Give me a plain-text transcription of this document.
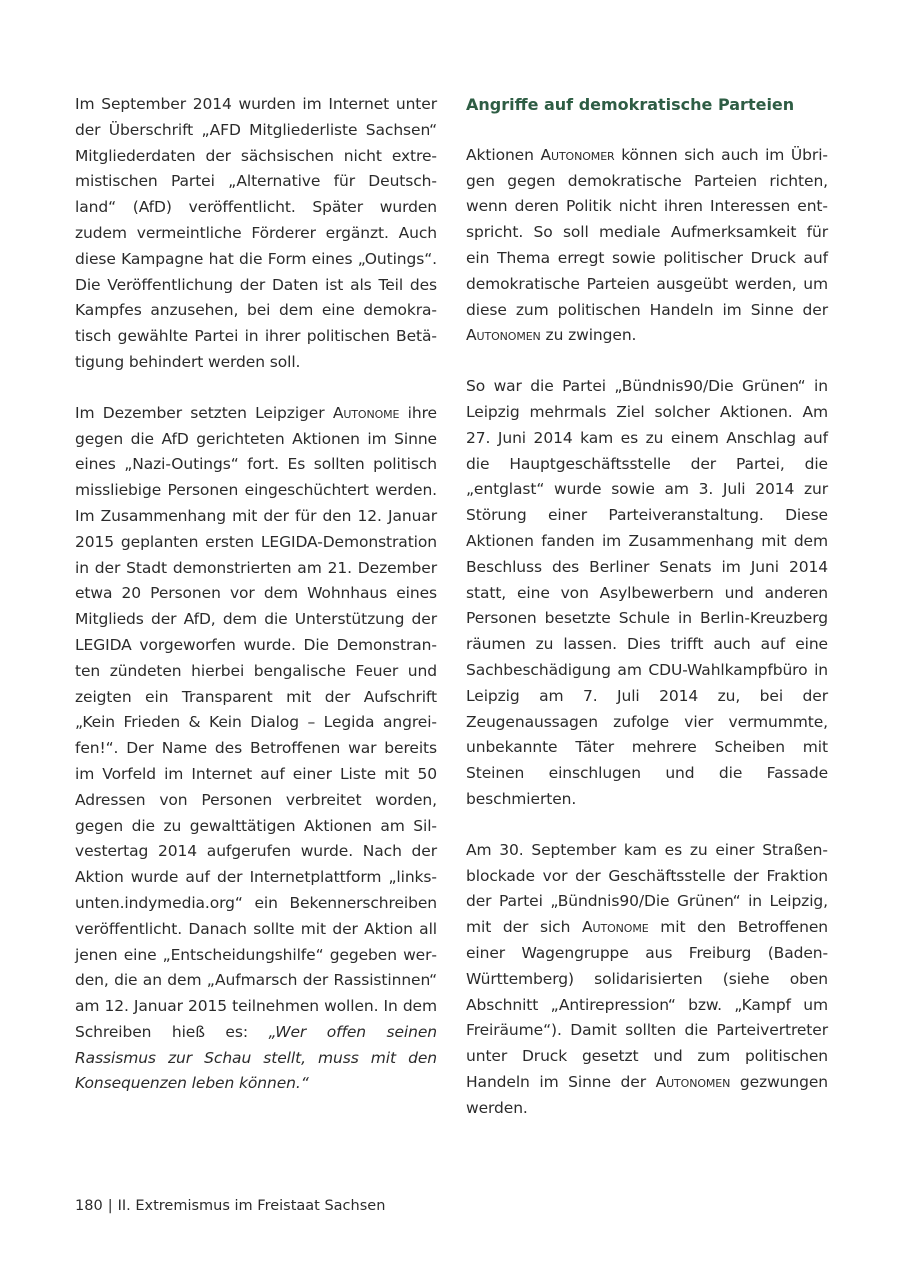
Im September 2014 wurden im Internet unter der Überschrift „AFD Mitgliederliste Sachsen“ Mitgliederdaten der sächsischen nicht extremistischen Partei „Alternative für Deutschland“ (AfD) veröffentlicht. Später wurden zudem vermeintliche Förderer ergänzt. Auch diese Kampagne hat die Form eines „Outings“. Die Veröffentlichung der Daten ist als Teil des Kampfes anzusehen, bei dem eine demokratisch gewählte Partei in ihrer politischen Betätigung behindert werden soll.

Im Dezember setzten Leipziger Autonome ihre gegen die AfD gerichteten Aktionen im Sinne eines „Nazi-Outings“ fort. Es sollten politisch missliebige Personen eingeschüchtert werden. Im Zusammenhang mit der für den 12. Januar 2015 geplanten ersten LEGIDA-Demonstration in der Stadt demonstrierten am 21. Dezember etwa 20 Personen vor dem Wohnhaus eines Mitglieds der AfD, dem die Unterstützung der LEGIDA vorgeworfen wurde. Die Demonstranten zündeten hierbei bengalische Feuer und zeigten ein Transparent mit der Aufschrift „Kein Frieden & Kein Dialog – Legida angreifen!“. Der Name des Betroffenen war bereits im Vorfeld im Internet auf einer Liste mit 50 Adressen von Personen verbreitet worden, gegen die zu gewalttätigen Aktionen am Silvestertag 2014 aufgerufen wurde. Nach der Aktion wurde auf der Internetplattform „linksunten.indymedia.org“ ein Bekennerschreiben veröffentlicht. Danach sollte mit der Aktion all jenen eine „Entscheidungshilfe“ gegeben werden, die an dem „Aufmarsch der Rassistinnen“ am 12. Januar 2015 teilnehmen wollen. In dem Schreiben hieß es: „Wer offen seinen Rassismus zur Schau stellt, muss mit den Konsequenzen leben können.“

Angriffe auf demokratische Parteien

Aktionen Autonomer können sich auch im Übrigen gegen demokratische Parteien richten, wenn deren Politik nicht ihren Interessen entspricht. So soll mediale Aufmerksamkeit für ein Thema erregt sowie politischer Druck auf demokratische Parteien ausgeübt werden, um diese zum politischen Handeln im Sinne der Autonomen zu zwingen.

So war die Partei „Bündnis90/Die Grünen“ in Leipzig mehrmals Ziel solcher Aktionen. Am 27. Juni 2014 kam es zu einem Anschlag auf die Hauptgeschäftsstelle der Partei, die „entglast“ wurde sowie am 3. Juli 2014 zur Störung einer Parteiveranstaltung. Diese Aktionen fanden im Zusammenhang mit dem Beschluss des Berliner Senats im Juni 2014 statt, eine von Asylbewerbern und anderen Personen besetzte Schule in Berlin-Kreuzberg räumen zu lassen. Dies trifft auch auf eine Sachbeschädigung am CDU-Wahlkampfbüro in Leipzig am 7. Juli 2014 zu, bei der Zeugenaussagen zufolge vier vermummte, unbekannte Täter mehrere Scheiben mit Steinen einschlugen und die Fassade beschmierten.

Am 30. September kam es zu einer Straßenblockade vor der Geschäftsstelle der Fraktion der Partei „Bündnis90/Die Grünen“ in Leipzig, mit der sich Autonome mit den Betroffenen einer Wagengruppe aus Freiburg (Baden-Württemberg) solidarisierten (siehe oben Abschnitt „Antirepression“ bzw. „Kampf um Freiräume“). Damit sollten die Parteivertreter unter Druck gesetzt und zum politischen Handeln im Sinne der Autonomen gezwungen werden.

180 | II. Extremismus im Freistaat Sachsen
